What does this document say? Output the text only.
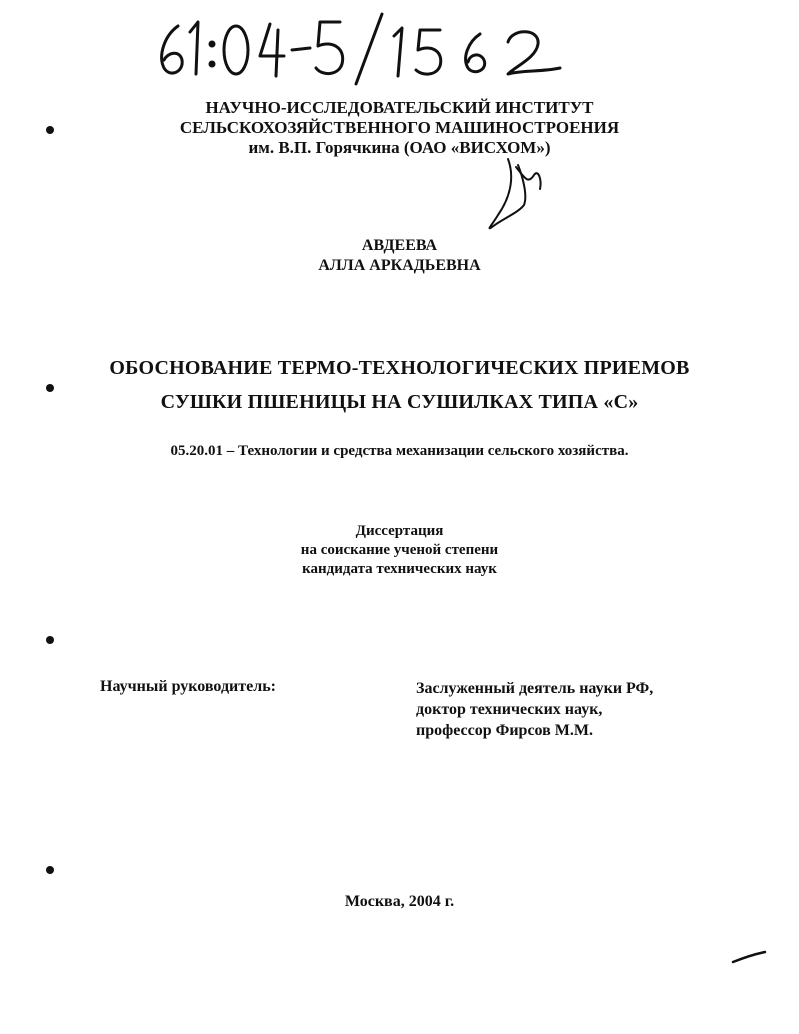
НАУЧНО-ИССЛЕДОВАТЕЛЬСКИЙ ИНСТИТУТ
СЕЛЬСКОХОЗЯЙСТВЕННОГО МАШИНОСТРОЕНИЯ
им. В.П. Горячкина (ОАО «ВИСХОМ»)
АВДЕЕВА
АЛЛА АРКАДЬЕВНА
ОБОСНОВАНИЕ ТЕРМО-ТЕХНОЛОГИЧЕСКИХ ПРИЕМОВ
СУШКИ ПШЕНИЦЫ НА СУШИЛКАХ ТИПА «С»
05.20.01 – Технологии и средства механизации сельского хозяйства.
Диссертация
на соискание ученой степени
кандидата технических наук
Научный руководитель:	Заслуженный деятель науки РФ,
доктор технических наук,
профессор Фирсов М.М.
Москва, 2004 г.
